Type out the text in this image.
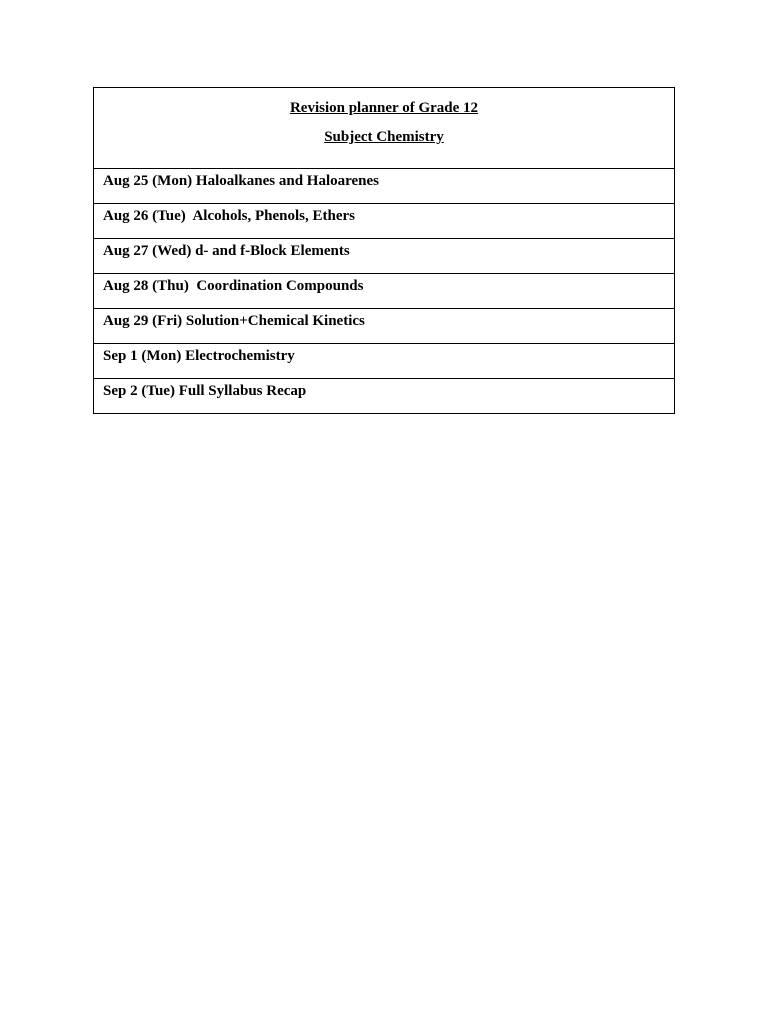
Revision planner of Grade 12
Subject Chemistry

Aug 25 (Mon) Haloalkanes and Haloarenes

Aug 26 (Tue)  Alcohols, Phenols, Ethers

Aug 27 (Wed) d- and f-Block Elements

Aug 28 (Thu)  Coordination Compounds

Aug 29 (Fri) Solution+Chemical Kinetics

Sep 1 (Mon) Electrochemistry

Sep 2 (Tue) Full Syllabus Recap
